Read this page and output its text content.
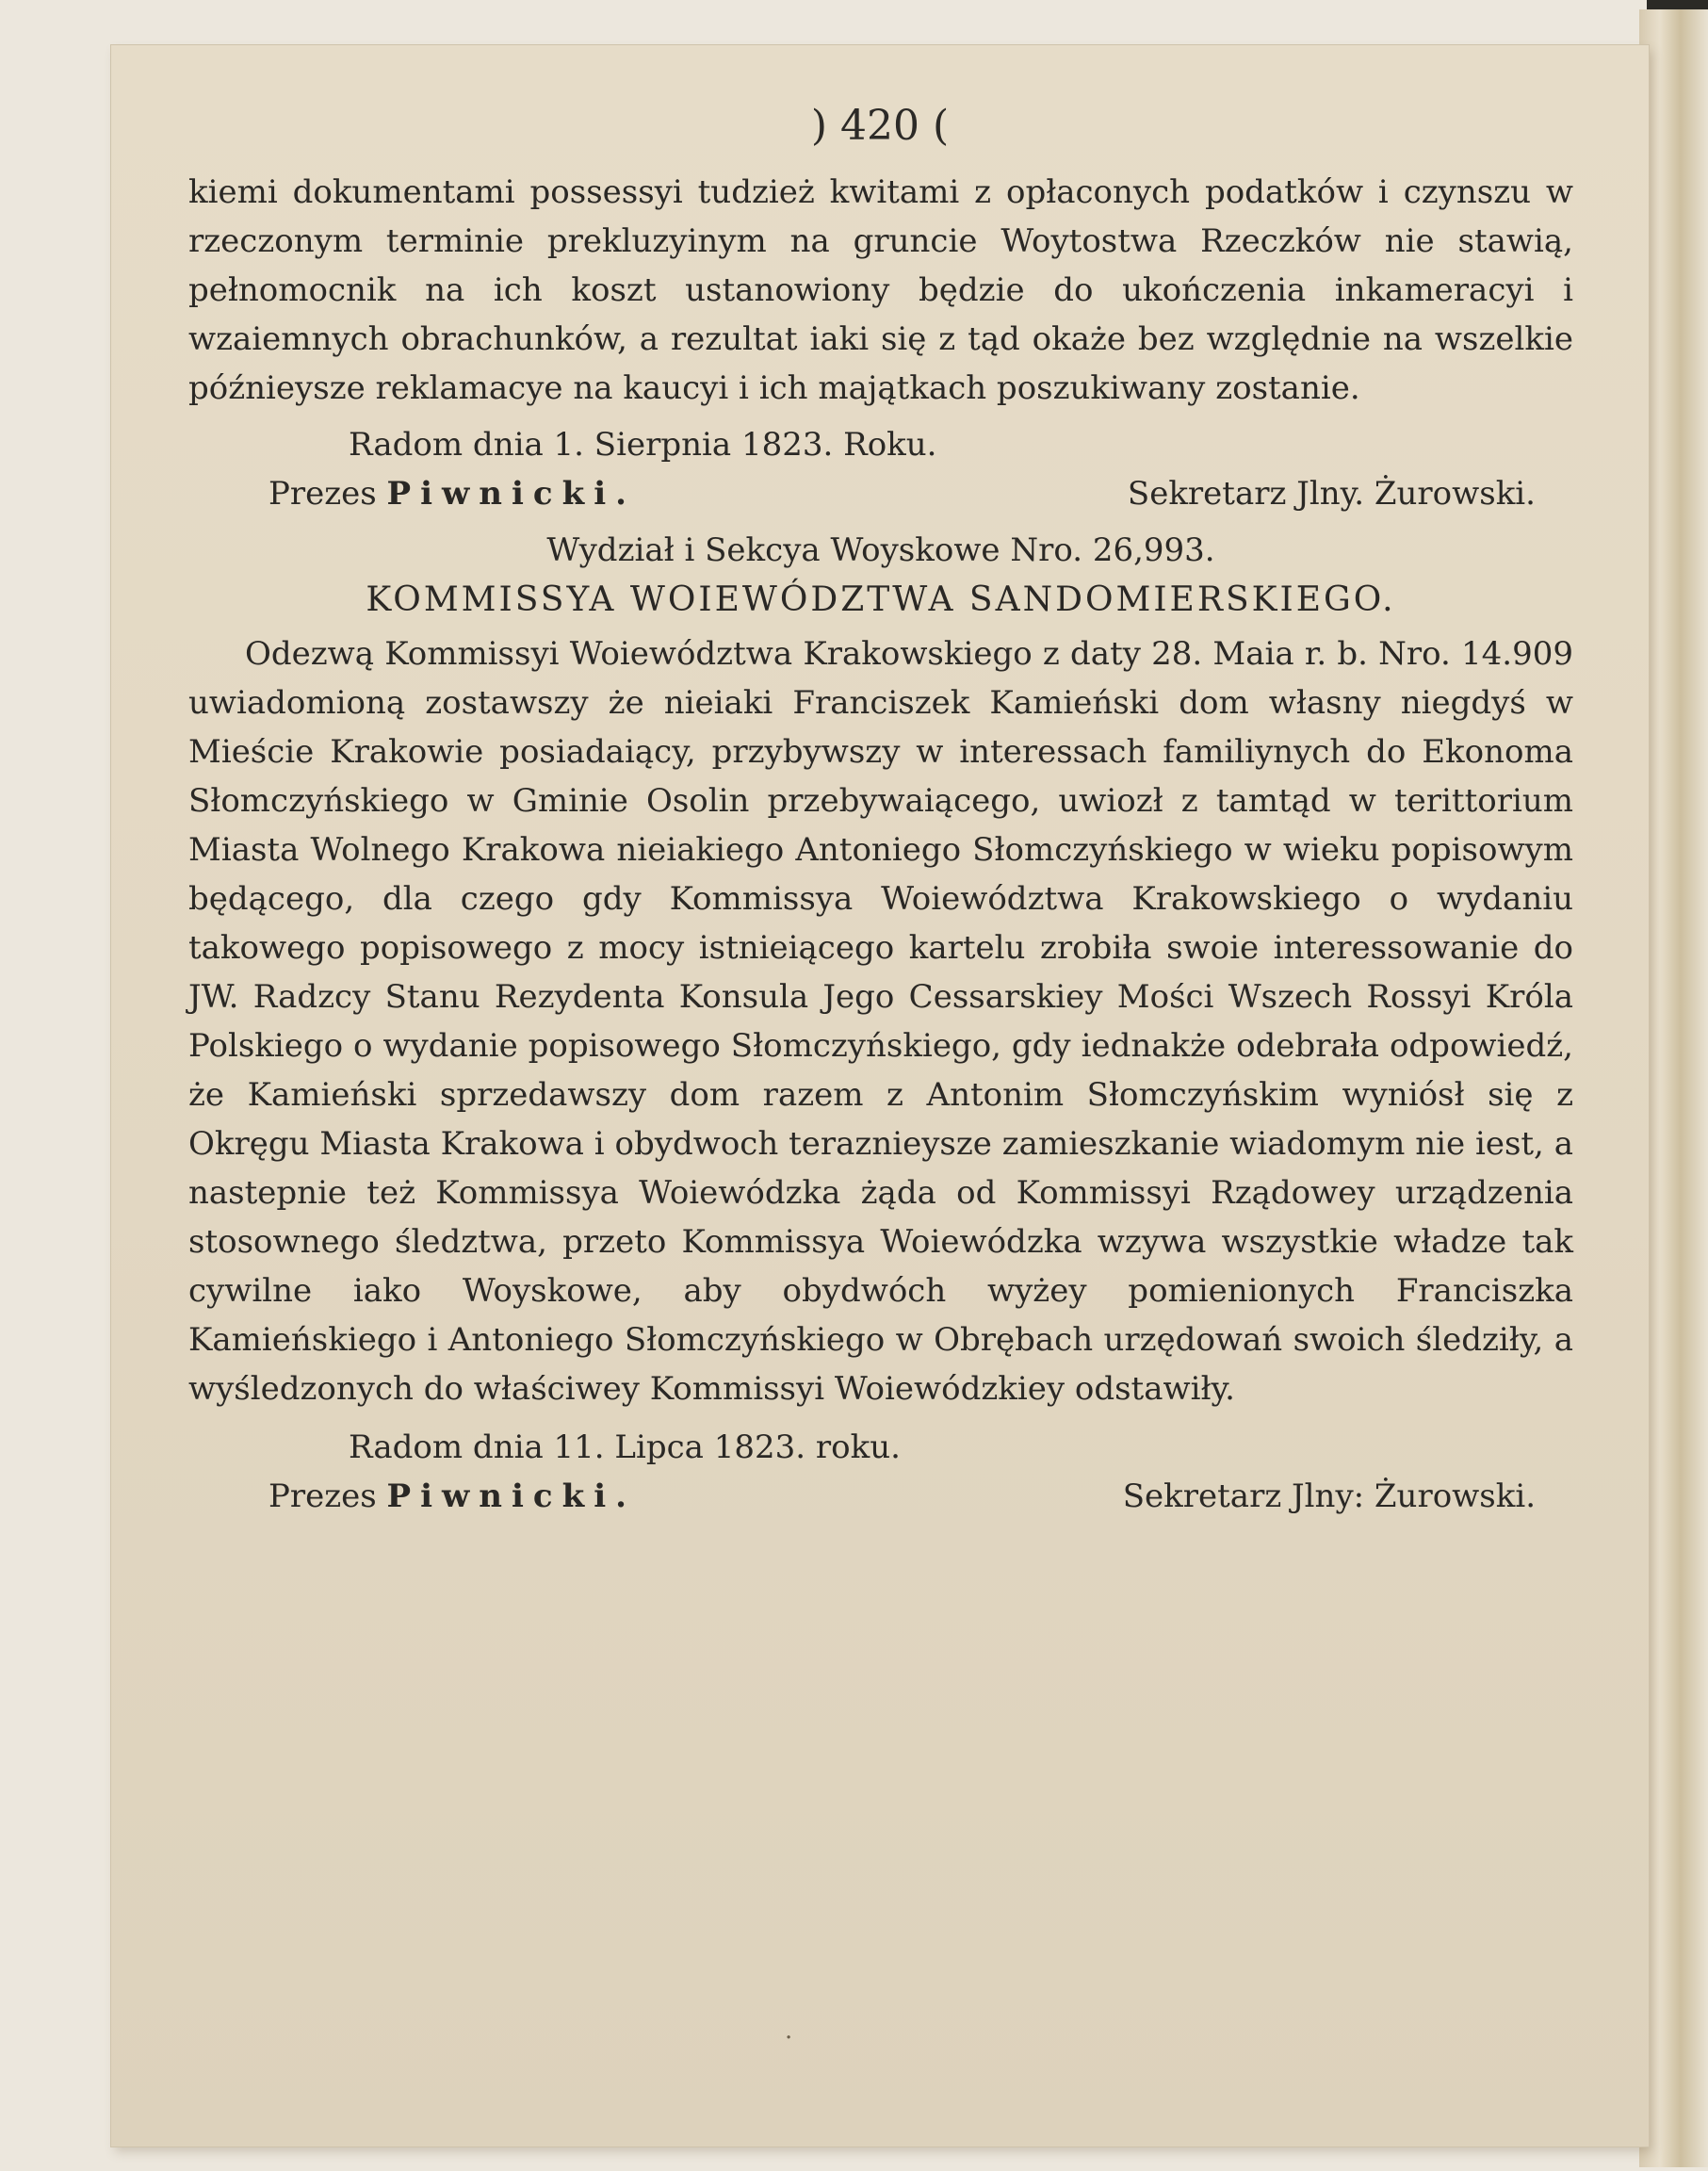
) 420 (

kiemi dokumentami possessyi tudzież kwitami z opłaconych podatków i czynszu w rzeczonym terminie prekluzyinym na gruncie Woytostwa Rzeczków nie stawią, pełnomocnik na ich koszt ustanowiony będzie do ukończenia inkameracyi i wzaiemnych obrachunków, a rezultat iaki się z tąd okaże bez względnie na wszelkie późnieysze reklamacye na kaucyi i ich majątkach poszukiwany zostanie.

Radom dnia 1. Sierpnia 1823. Roku.

Prezes Piwnicki.	Sekretarz Jlny. Żurowski.

Wydział i Sekcya Woyskowe Nro. 26,993.

KOMMISSYA WOIEWÓDZTWA SANDOMIERSKIEGO.

Odezwą Kommissyi Woiewództwa Krakowskiego z daty 28. Maia r. b. Nro. 14.909 uwiadomioną zostawszy że nieiaki Franciszek Kamieński dom własny niegdyś w Mieście Krakowie posiadaiący, przybywszy w interessach familiynych do Ekonoma Słomczyńskiego w Gminie Osolin przebywaiącego, uwiozł z tamtąd w terittorium Miasta Wolnego Krakowa nieiakiego Antoniego Słomczyńskiego w wieku popisowym będącego, dla czego gdy Kommissya Woiewództwa Krakowskiego o wydaniu takowego popisowego z mocy istnieiącego kartelu zrobiła swoie interessowanie do JW. Radzcy Stanu Rezydenta Konsula Jego Cessarskiey Mości Wszech Rossyi Króla Polskiego o wydanie popisowego Słomczyńskiego, gdy iednakże odebrała odpowiedź, że Kamieński sprzedawszy dom razem z Antonim Słomczyńskim wyniósł się z Okręgu Miasta Krakowa i obydwoch teraznieysze zamieszkanie wiadomym nie iest, a nastepnie też Kommissya Woiewódzka żąda od Kommissyi Rządowey urządzenia stosownego śledztwa, przeto Kommissya Woiewódzka wzywa wszystkie władze tak cywilne iako Woyskowe, aby obydwóch wyżey pomienionych Franciszka Kamieńskiego i Antoniego Słomczyńskiego w Obrębach urzędowań swoich śledziły, a wyśledzonych do właściwey Kommissyi Woiewódzkiey odstawiły.

Radom dnia 11. Lipca 1823. roku.

Prezes Piwnicki.	Sekretarz Jlny: Żurowski.
·
